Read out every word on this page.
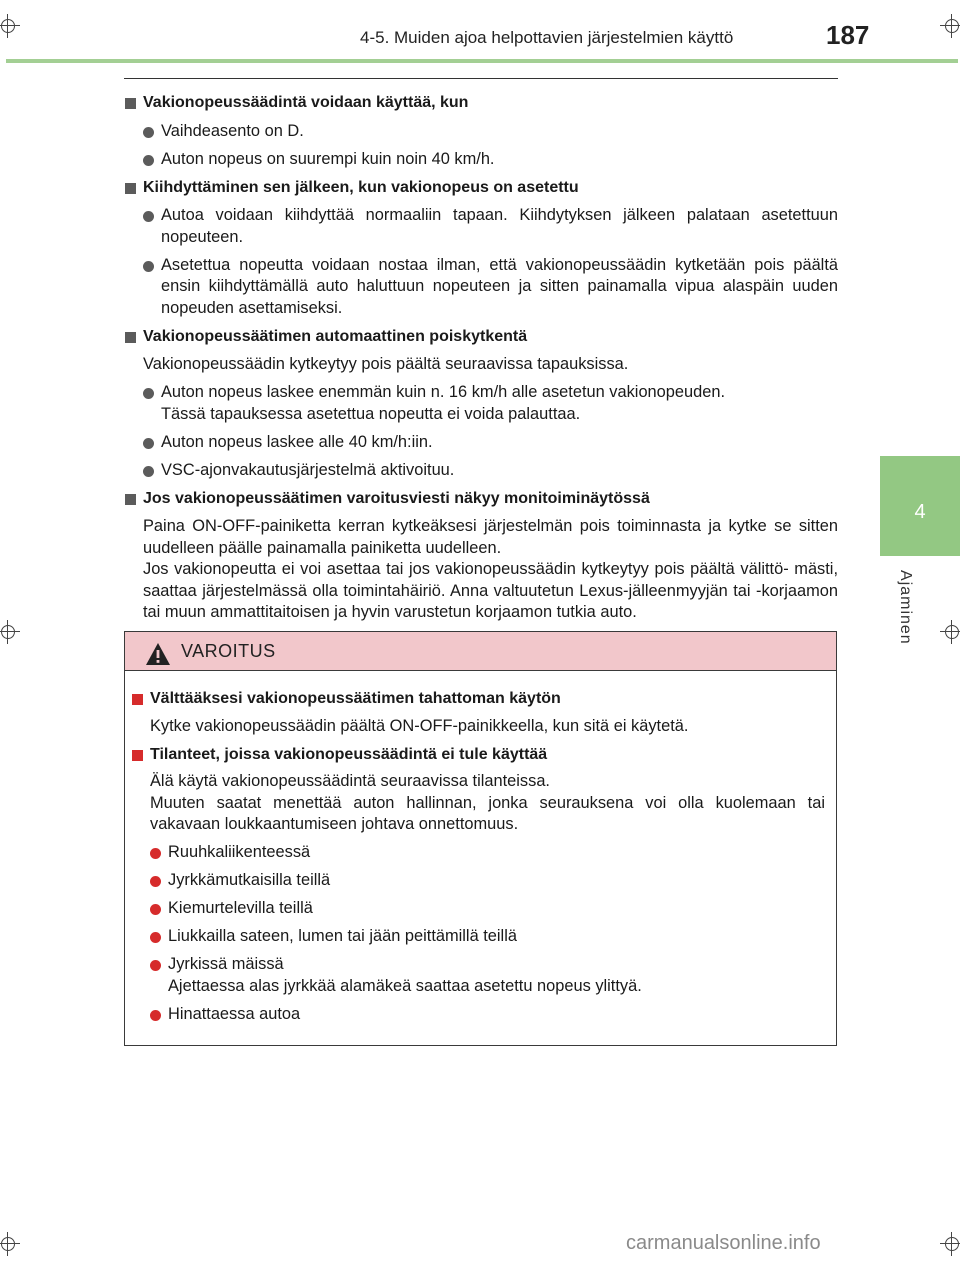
4-5. Muiden ajoa helpottavien järjestelmien käyttö	187
4
Ajaminen
Vakionopeussäädintä voidaan käyttää, kun
Vaihdeasento on D.
Auton nopeus on suurempi kuin noin 40 km/h.
Kiihdyttäminen sen jälkeen, kun vakionopeus on asetettu
Autoa voidaan kiihdyttää normaaliin tapaan. Kiihdytyksen jälkeen palataan asetettuun nopeuteen.
Asetettua nopeutta voidaan nostaa ilman, että vakionopeussäädin kytketään pois päältä ensin kiihdyttämällä auto haluttuun nopeuteen ja sitten painamalla vipua alaspäin uuden nopeuden asettamiseksi.
Vakionopeussäätimen automaattinen poiskytkentä
Vakionopeussäädin kytkeytyy pois päältä seuraavissa tapauksissa.
Auton nopeus laskee enemmän kuin n. 16 km/h alle asetetun vakionopeuden.
Tässä tapauksessa asetettua nopeutta ei voida palauttaa.
Auton nopeus laskee alle 40 km/h:iin.
VSC-ajonvakautusjärjestelmä aktivoituu.
Jos vakionopeussäätimen varoitusviesti näkyy monitoiminäytössä
Paina ON-OFF-painiketta kerran kytkeäksesi järjestelmän pois toiminnasta ja kytke se sitten uudelleen päälle painamalla painiketta uudelleen.
Jos vakionopeutta ei voi asettaa tai jos vakionopeussäädin kytkeytyy pois päältä välittö- mästi, saattaa järjestelmässä olla toimintahäiriö. Anna valtuutetun Lexus-jälleenmyyjän tai -korjaamon tai muun ammattitaitoisen ja hyvin varustetun korjaamon tutkia auto.
VAROITUS
Välttääksesi vakionopeussäätimen tahattoman käytön
Kytke vakionopeussäädin päältä ON-OFF-painikkeella, kun sitä ei käytetä.
Tilanteet, joissa vakionopeussäädintä ei tule käyttää
Älä käytä vakionopeussäädintä seuraavissa tilanteissa.
Muuten saatat menettää auton hallinnan, jonka seurauksena voi olla kuolemaan tai vakavaan loukkaantumiseen johtava onnettomuus.
Ruuhkaliikenteessä
Jyrkkämutkaisilla teillä
Kiemurtelevilla teillä
Liukkailla sateen, lumen tai jään peittämillä teillä
Jyrkissä mäissä
Ajettaessa alas jyrkkää alamäkeä saattaa asetettu nopeus ylittyä.
Hinattaessa autoa
carmanualsonline.info
